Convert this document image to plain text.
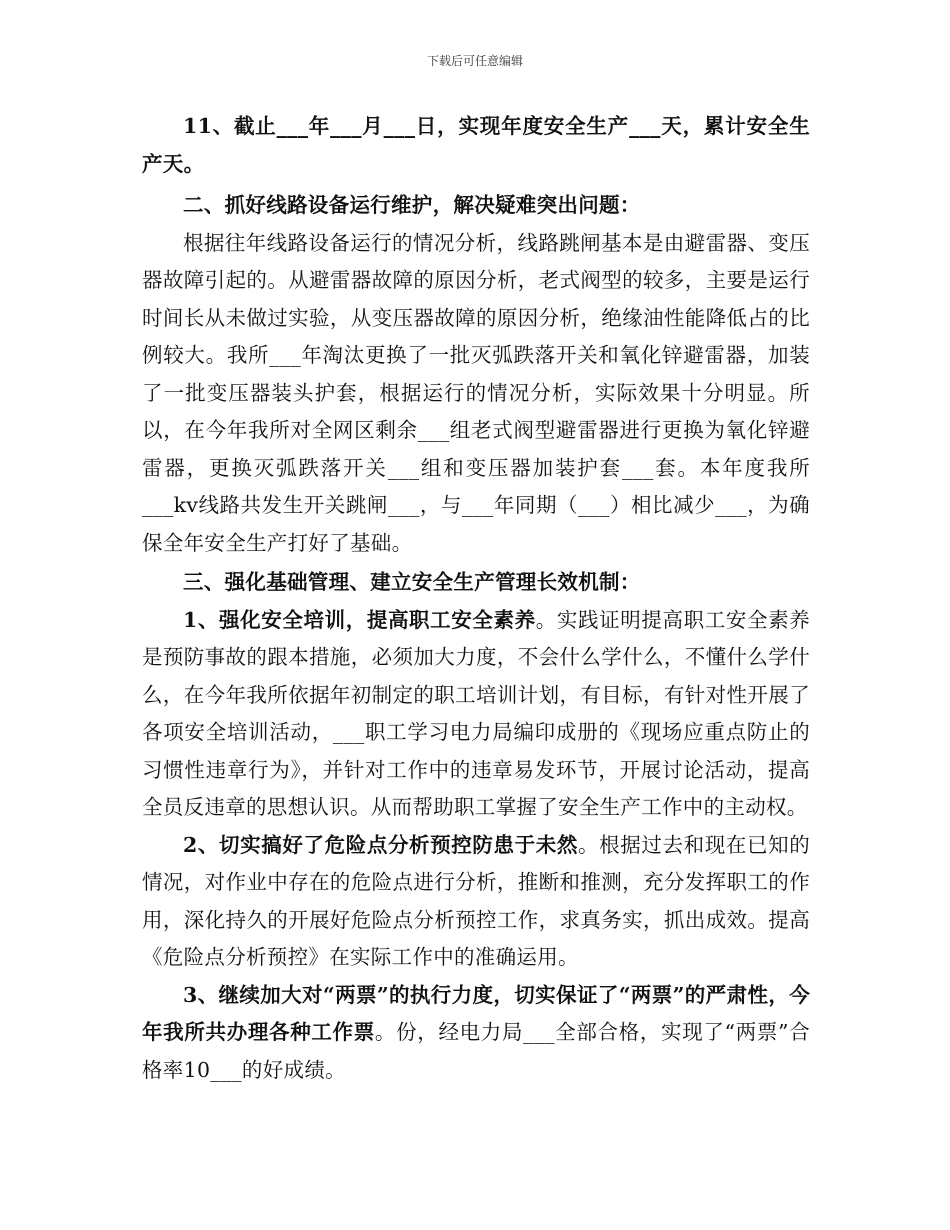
下载后可任意编辑

11、截止___年___月___日，实现年度安全生产___天，累计安全生产天。

二、抓好线路设备运行维护，解决疑难突出问题：

根据往年线路设备运行的情况分析，线路跳闸基本是由避雷器、变压器故障引起的。从避雷器故障的原因分析，老式阀型的较多，主要是运行时间长从未做过实验，从变压器故障的原因分析，绝缘油性能降低占的比例较大。我所___年淘汰更换了一批灭弧跌落开关和氧化锌避雷器，加装了一批变压器装头护套，根据运行的情况分析，实际效果十分明显。所以，在今年我所对全网区剩余___组老式阀型避雷器进行更换为氧化锌避雷器，更换灭弧跌落开关___组和变压器加装护套___套。本年度我所___kv线路共发生开关跳闸___，与___年同期（___）相比减少___，为确保全年安全生产打好了基础。

三、强化基础管理、建立安全生产管理长效机制：

1、强化安全培训，提高职工安全素养。实践证明提高职工安全素养是预防事故的跟本措施，必须加大力度，不会什么学什么，不懂什么学什么，在今年我所依据年初制定的职工培训计划，有目标，有针对性开展了各项安全培训活动，___职工学习电力局编印成册的《现场应重点防止的习惯性违章行为》，并针对工作中的违章易发环节，开展讨论活动，提高全员反违章的思想认识。从而帮助职工掌握了安全生产工作中的主动权。

2、切实搞好了危险点分析预控防患于未然。根据过去和现在已知的情况，对作业中存在的危险点进行分析，推断和推测，充分发挥职工的作用，深化持久的开展好危险点分析预控工作，求真务实，抓出成效。提高《危险点分析预控》在实际工作中的准确运用。

3、继续加大对“两票”的执行力度，切实保证了“两票”的严肃性，今年我所共办理各种工作票。份，经电力局___全部合格，实现了“两票”合格率10___的好成绩。
